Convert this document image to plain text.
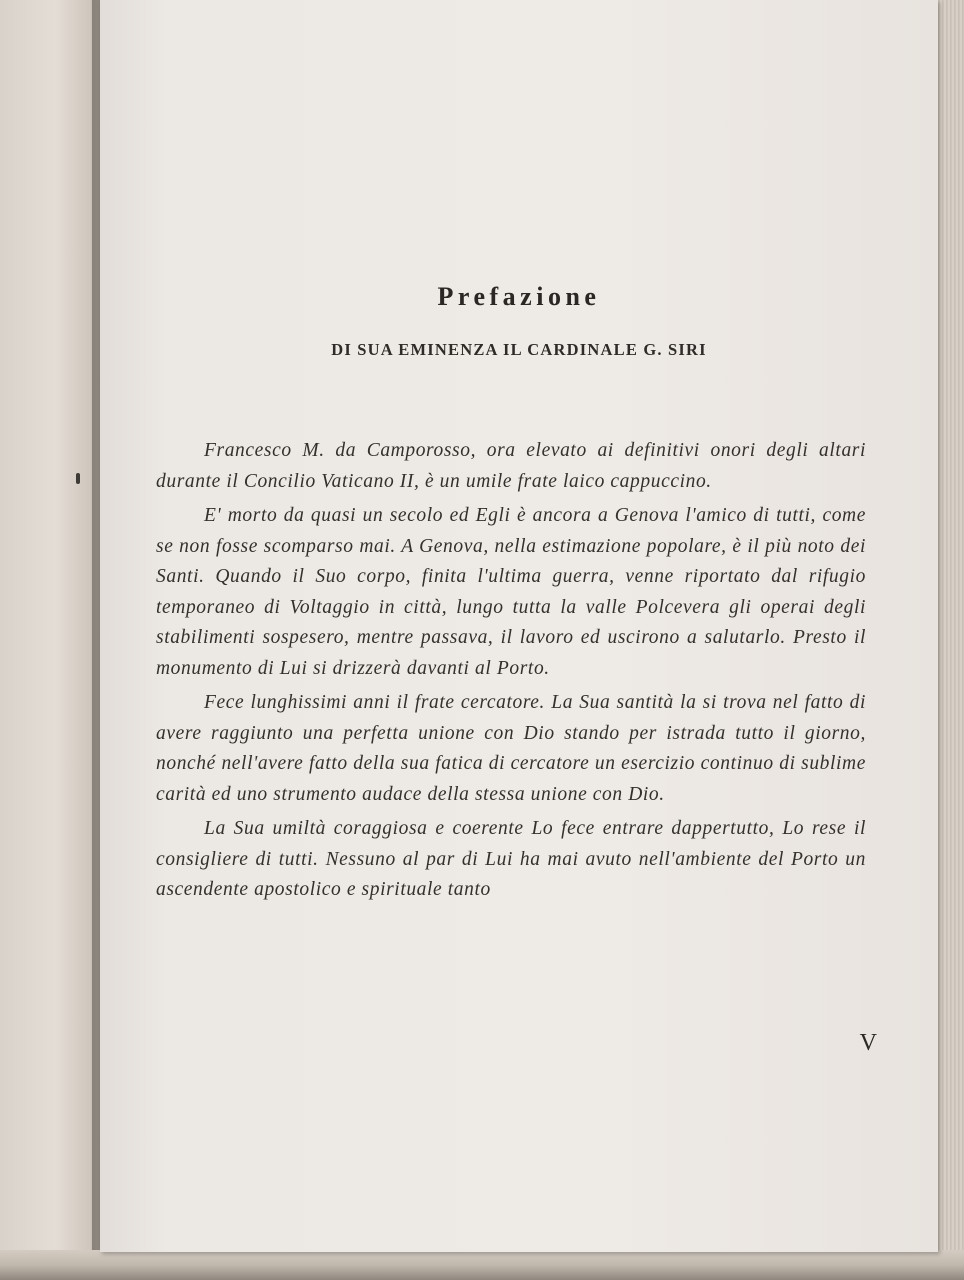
Prefazione
DI SUA EMINENZA IL CARDINALE G. SIRI

Francesco M. da Camporosso, ora elevato ai definitivi onori degli altari durante il Concilio Vaticano II, è un umile frate laico cappuccino.

E' morto da quasi un secolo ed Egli è ancora a Genova l'amico di tutti, come se non fosse scomparso mai. A Genova, nella estimazione popolare, è il più noto dei Santi. Quando il Suo corpo, finita l'ultima guerra, venne riportato dal rifugio temporaneo di Voltaggio in città, lungo tutta la valle Polcevera gli operai degli stabilimenti sospesero, mentre passava, il lavoro ed uscirono a salutarlo. Presto il monumento di Lui si drizzerà davanti al Porto.

Fece lunghissimi anni il frate cercatore. La Sua santità la si trova nel fatto di avere raggiunto una perfetta unione con Dio stando per istrada tutto il giorno, nonché nell'avere fatto della sua fatica di cercatore un esercizio continuo di sublime carità ed uno strumento audace della stessa unione con Dio.

La Sua umiltà coraggiosa e coerente Lo fece entrare dappertutto, Lo rese il consigliere di tutti. Nessuno al par di Lui ha mai avuto nell'ambiente del Porto un ascendente apostolico e spirituale tanto

V
